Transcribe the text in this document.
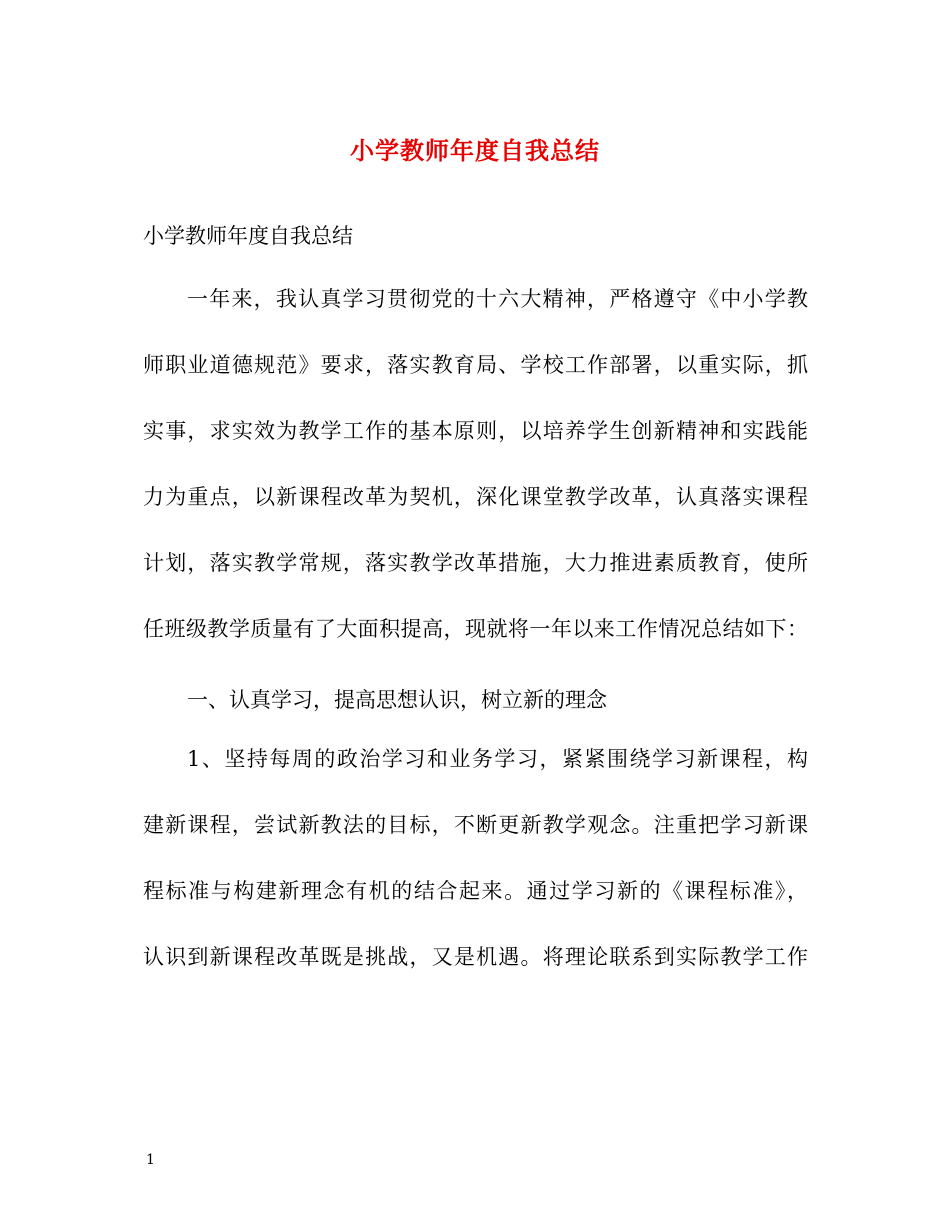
小学教师年度自我总结
小学教师年度自我总结
一年来，我认真学习贯彻党的十六大精神，严格遵守《中小学教
师职业道德规范》要求，落实教育局、学校工作部署，以重实际，抓
实事，求实效为教学工作的基本原则，以培养学生创新精神和实践能
力为重点，以新课程改革为契机，深化课堂教学改革，认真落实课程
计划，落实教学常规，落实教学改革措施，大力推进素质教育，使所
任班级教学质量有了大面积提高，现就将一年以来工作情况总结如下：
一、认真学习，提高思想认识，树立新的理念
1、坚持每周的政治学习和业务学习，紧紧围绕学习新课程，构
建新课程，尝试新教法的目标，不断更新教学观念。注重把学习新课
程标准与构建新理念有机的结合起来。通过学习新的《课程标准》，
认识到新课程改革既是挑战，又是机遇。将理论联系到实际教学工作
1
